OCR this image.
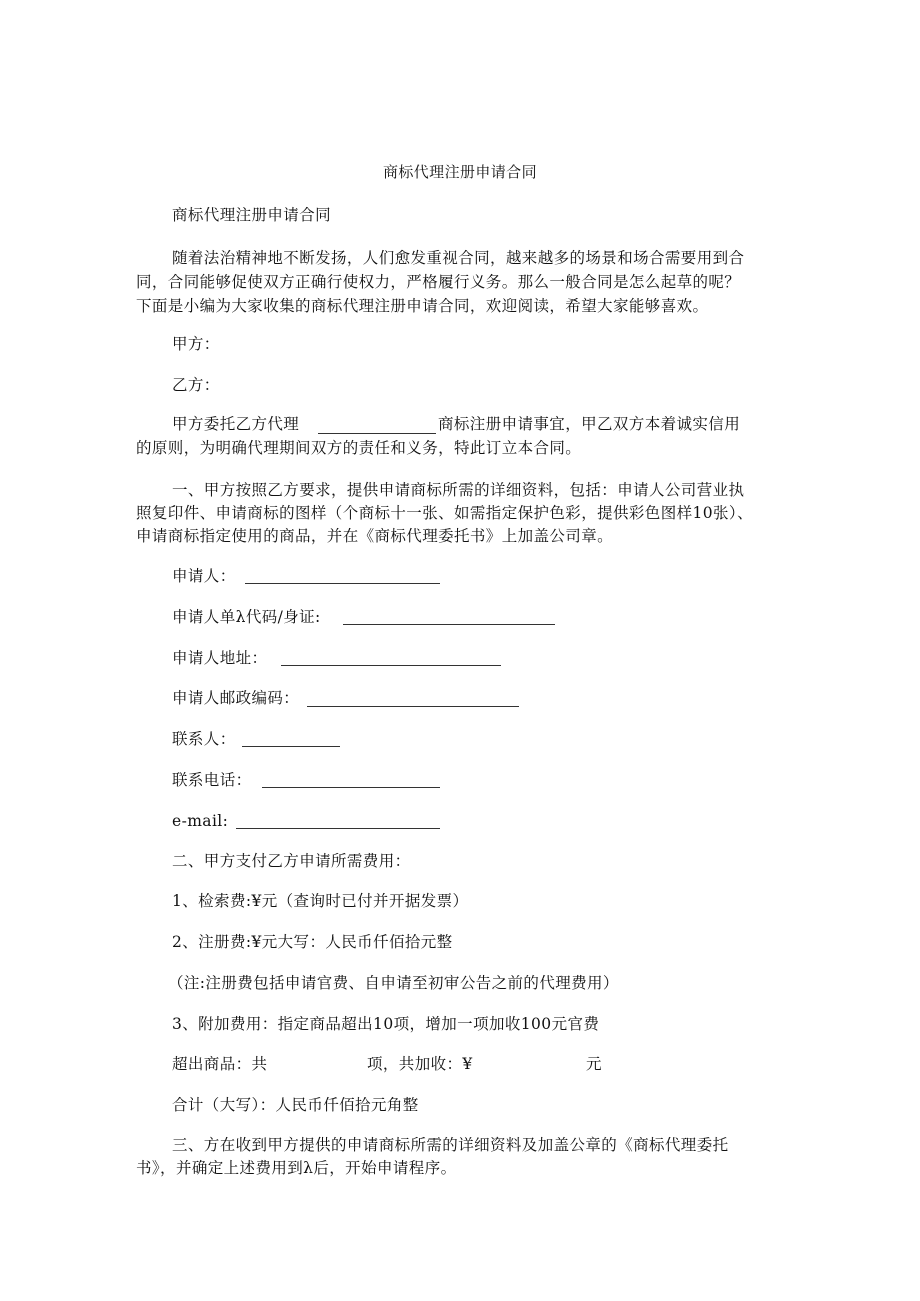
商标代理注册申请合同
商标代理注册申请合同
随着法治精神地不断发扬，人们愈发重视合同，越来越多的场景和场合需要用到合
同，合同能够促使双方正确行使权力，严格履行义务。那么一般合同是怎么起草的呢？
下面是小编为大家收集的商标代理注册申请合同，欢迎阅读，希望大家能够喜欢。
甲方：
乙方：
甲方委托乙方代理	商标注册申请事宜，甲乙双方本着诚实信用
的原则，为明确代理期间双方的责任和义务，特此订立本合同。
一、甲方按照乙方要求，提供申请商标所需的详细资料，包括：申请人公司营业执
照复印件、申请商标的图样（个商标十一张、如需指定保护色彩，提供彩色图样10张）、
申请商标指定使用的商品，并在《商标代理委托书》上加盖公司章。
申请人：
申请人单λ代码/身证:
申请人地址：
申请人邮政编码：
联系人：
联系电话：
e-mail:
二、甲方支付乙方申请所需费用：
1、检索费:¥元（查询时已付并开据发票）
2、注册费:¥元大写：人民币仟佰拾元整
（注:注册费包括申请官费、自申请至初审公告之前的代理费用）
3、附加费用：指定商品超出10项，增加一项加收100元官费
超出商品：共	项，共加收：¥	元
合计（大写）：人民币仟佰拾元角整
三、方在收到甲方提供的申请商标所需的详细资料及加盖公章的《商标代理委托
书》，并确定上述费用到λ后，开始申请程序。
